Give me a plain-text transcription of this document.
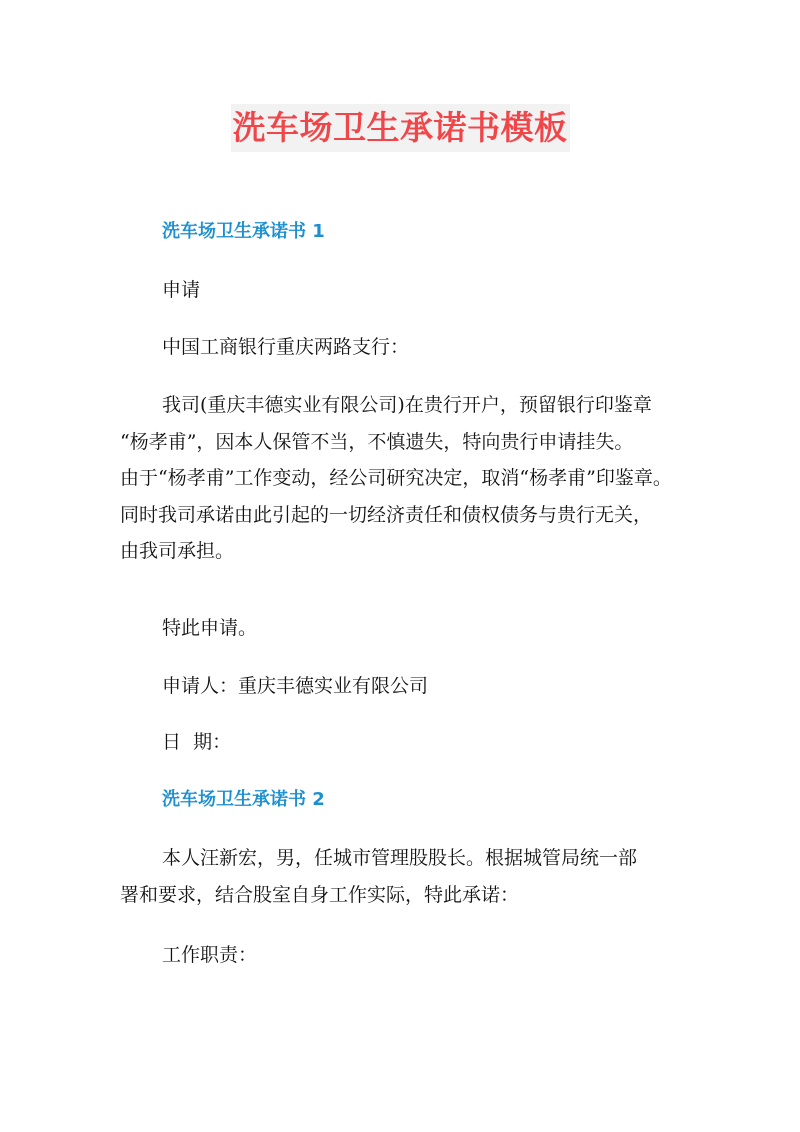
洗车场卫生承诺书模板
洗车场卫生承诺书 1
申请
中国工商银行重庆两路支行：
我司(重庆丰德实业有限公司)在贵行开户，预留银行印鉴章
“杨孝甫”，因本人保管不当，不慎遗失，特向贵行申请挂失。
由于“杨孝甫”工作变动，经公司研究决定，取消“杨孝甫”印鉴章。
同时我司承诺由此引起的一切经济责任和债权债务与贵行无关，
由我司承担。
特此申请。
申请人：重庆丰德实业有限公司
日  期：
洗车场卫生承诺书 2
本人汪新宏，男，任城市管理股股长。根据城管局统一部
署和要求，结合股室自身工作实际，特此承诺：
工作职责：
